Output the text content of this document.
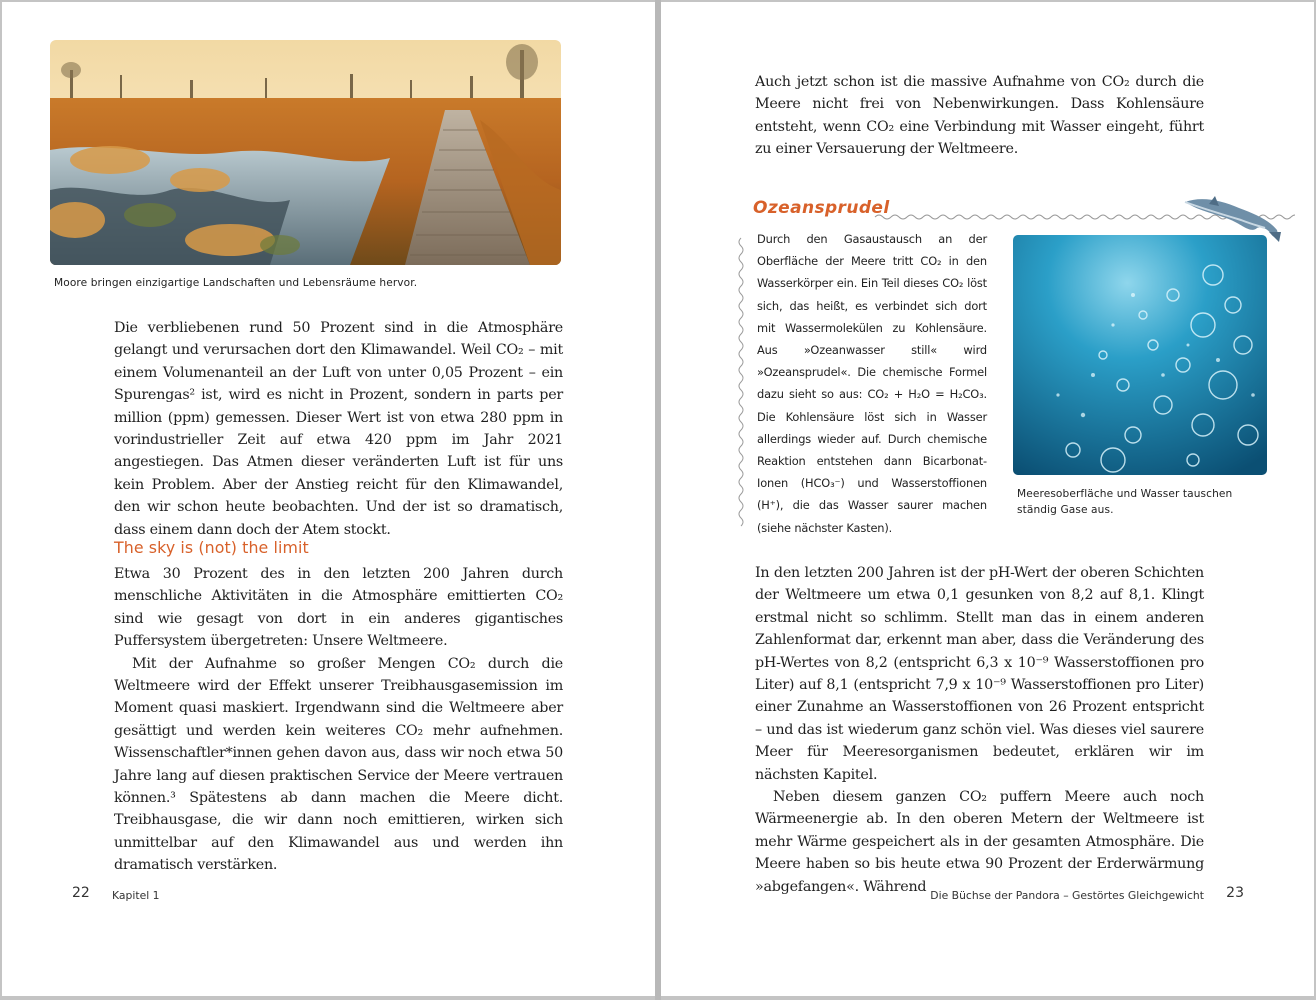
Moore bringen einzigartige Landschaften und Lebensräume hervor.

Die verbliebenen rund 50 Prozent sind in die Atmosphäre gelangt und verursachen dort den Klimawandel. Weil CO₂ – mit einem Volumenanteil an der Luft von unter 0,05 Prozent – ein Spurengas² ist, wird es nicht in Prozent, sondern in parts per million (ppm) gemessen. Dieser Wert ist von etwa 280 ppm in vorindustrieller Zeit auf etwa 420 ppm im Jahr 2021 angestiegen. Das Atmen dieser veränderten Luft ist für uns kein Problem. Aber der Anstieg reicht für den Klimawandel, den wir schon heute beobachten. Und der ist so dramatisch, dass einem dann doch der Atem stockt.

The sky is (not) the limit

Etwa 30 Prozent des in den letzten 200 Jahren durch menschliche Aktivitäten in die Atmosphäre emittierten CO₂ sind wie gesagt von dort in ein anderes gigantisches Puffersystem übergetreten: Unsere Weltmeere.

Mit der Aufnahme so großer Mengen CO₂ durch die Weltmeere wird der Effekt unserer Treibhausgasemission im Moment quasi maskiert. Irgendwann sind die Weltmeere aber gesättigt und werden kein weiteres CO₂ mehr aufnehmen. Wissenschaftler*innen gehen davon aus, dass wir noch etwa 50 Jahre lang auf diesen praktischen Service der Meere vertrauen können.³ Spätestens ab dann machen die Meere dicht. Treibhausgase, die wir dann noch emittieren, wirken sich unmittelbar auf den Klimawandel aus und werden ihn dramatisch verstärken.

22 Kapitel 1

Auch jetzt schon ist die massive Aufnahme von CO₂ durch die Meere nicht frei von Nebenwirkungen. Dass Kohlensäure entsteht, wenn CO₂ eine Verbindung mit Wasser eingeht, führt zu einer Versauerung der Weltmeere.

Ozeansprudel

Durch den Gasaustausch an der Oberfläche der Meere tritt CO₂ in den Wasserkörper ein. Ein Teil dieses CO₂ löst sich, das heißt, es verbindet sich dort mit Wassermolekülen zu Kohlensäure. Aus »Ozeanwasser still« wird »Ozeansprudel«. Die chemische Formel dazu sieht so aus: CO₂ + H₂O = H₂CO₃. Die Kohlensäure löst sich in Wasser allerdings wieder auf. Durch chemische Reaktion entstehen dann Bicarbonat-Ionen (HCO₃⁻) und Wasserstoffionen (H⁺), die das Wasser saurer machen (siehe nächster Kasten).

Meeresoberfläche und Wasser tauschen ständig Gase aus.

In den letzten 200 Jahren ist der pH-Wert der oberen Schichten der Weltmeere um etwa 0,1 gesunken von 8,2 auf 8,1. Klingt erstmal nicht so schlimm. Stellt man das in einem anderen Zahlenformat dar, erkennt man aber, dass die Veränderung des pH-Wertes von 8,2 (entspricht 6,3 x 10⁻⁹ Wasserstoffionen pro Liter) auf 8,1 (entspricht 7,9 x 10⁻⁹ Wasserstoffionen pro Liter) einer Zunahme an Wasserstoffionen von 26 Prozent entspricht – und das ist wiederum ganz schön viel. Was dieses viel saurere Meer für Meeresorganismen bedeutet, erklären wir im nächsten Kapitel.

Neben diesem ganzen CO₂ puffern Meere auch noch Wärmeenergie ab. In den oberen Metern der Weltmeere ist mehr Wärme gespeichert als in der gesamten Atmosphäre. Die Meere haben so bis heute etwa 90 Prozent der Erderwärmung »abgefangen«. Während

Die Büchse der Pandora – Gestörtes Gleichgewicht 23
